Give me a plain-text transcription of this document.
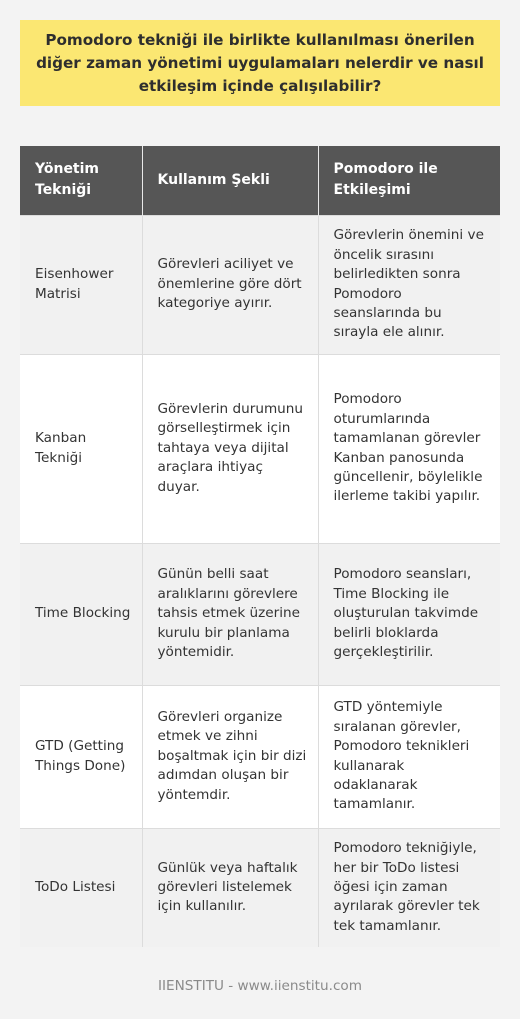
Pomodoro tekniği ile birlikte kullanılması önerilen diğer zaman yönetimi uygulamaları nelerdir ve nasıl etkileşim içinde çalışılabilir?
Yönetim Tekniği	Kullanım Şekli	Pomodoro ile Etkileşimi
Eisenhower Matrisi	Görevleri aciliyet ve önemlerine göre dört kategoriye ayırır.	Görevlerin önemini ve öncelik sırasını belirledikten sonra Pomodoro seanslarında bu sırayla ele alınır.
Kanban Tekniği	Görevlerin durumunu görselleştirmek için tahtaya veya dijital araçlara ihtiyaç duyar.	Pomodoro oturumlarında tamamlanan görevler Kanban panosunda güncellenir, böylelikle ilerleme takibi yapılır.
Time Blocking	Günün belli saat aralıklarını görevlere tahsis etmek üzerine kurulu bir planlama yöntemidir.	Pomodoro seansları, Time Blocking ile oluşturulan takvimde belirli bloklarda gerçekleştirilir.
GTD (Getting Things Done)	Görevleri organize etmek ve zihni boşaltmak için bir dizi adımdan oluşan bir yöntemdir.	GTD yöntemiyle sıralanan görevler, Pomodoro teknikleri kullanarak odaklanarak tamamlanır.
ToDo Listesi	Günlük veya haftalık görevleri listelemek için kullanılır.	Pomodoro tekniğiyle, her bir ToDo listesi öğesi için zaman ayrılarak görevler tek tek tamamlanır.
IIENSTITU - www.iienstitu.com
